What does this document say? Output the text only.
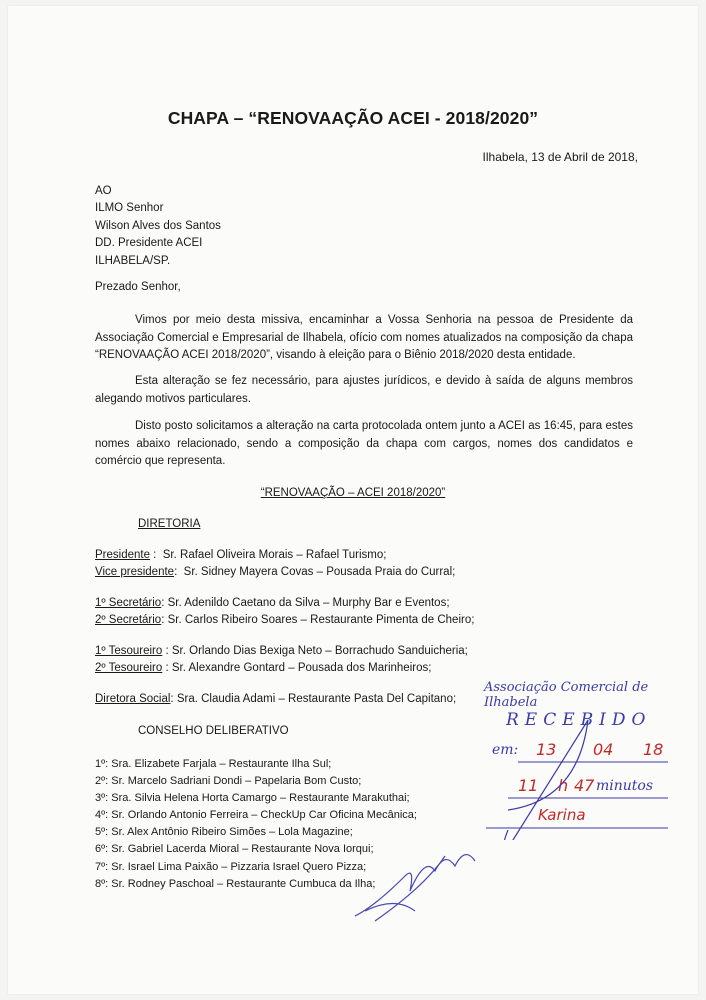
CHAPA – “RENOVAAÇÃO ACEI - 2018/2020”
Ilhabela, 13 de Abril de 2018,
AO
ILMO Senhor
Wilson Alves dos Santos
DD. Presidente ACEI
ILHABELA/SP.
Prezado Senhor,

Vimos por meio desta missiva, encaminhar a Vossa Senhoria na pessoa de Presidente da Associação Comercial e Empresarial de Ilhabela, ofício com nomes atualizados na composição da chapa “RENOVAAÇÃO ACEI 2018/2020”, visando à eleição para o Biênio 2018/2020 desta entidade.

Esta alteração se fez necessário, para ajustes jurídicos, e devido à saída de alguns membros alegando motivos particulares.

Disto posto solicitamos a alteração na carta protocolada ontem junto a ACEI as 16:45, para estes nomes abaixo relacionado, sendo a composição da chapa com cargos, nomes dos candidatos e comércio que representa.

“RENOVAAÇÃO – ACEI 2018/2020”
DIRETORIA
Presidente :  Sr. Rafael Oliveira Morais – Rafael Turismo;
Vice presidente:  Sr. Sidney Mayera Covas – Pousada Praia do Curral;
1º Secretário: Sr. Adenildo Caetano da Silva – Murphy Bar e Eventos;
2º Secretário: Sr. Carlos Ribeiro Soares – Restaurante Pimenta de Cheiro;
1º Tesoureiro : Sr. Orlando Dias Bexiga Neto – Borrachudo Sanduicheria;
2º Tesoureiro : Sr. Alexandre Gontard – Pousada dos Marinheiros;
Diretora Social: Sra. Claudia Adami – Restaurante Pasta Del Capitano;
CONSELHO DELIBERATIVO
1º: Sra. Elizabete Farjala – Restaurante Ilha Sul;
2º: Sr. Marcelo Sadriani Dondi – Papelaria Bom Custo;
3º: Sra. Silvia Helena Horta Camargo – Restaurante Marakuthai;
4º: Sr. Orlando Antonio Ferreira – CheckUp Car Oficina Mecânica;
5º: Sr. Alex Antônio Ribeiro Simões – Lola Magazine;
6º: Sr. Gabriel Lacerda Mioral – Restaurante Nova Iorqui;
7º: Sr. Israel Lima Paixão – Pizzaria Israel Quero Pizza;
8º: Sr. Rodney Paschoal – Restaurante Cumbuca da Ilha;
Associação Comercial de Ilhabela
RECEBIDO
em: 13 04 18
11 h 47 minutos
Karina
